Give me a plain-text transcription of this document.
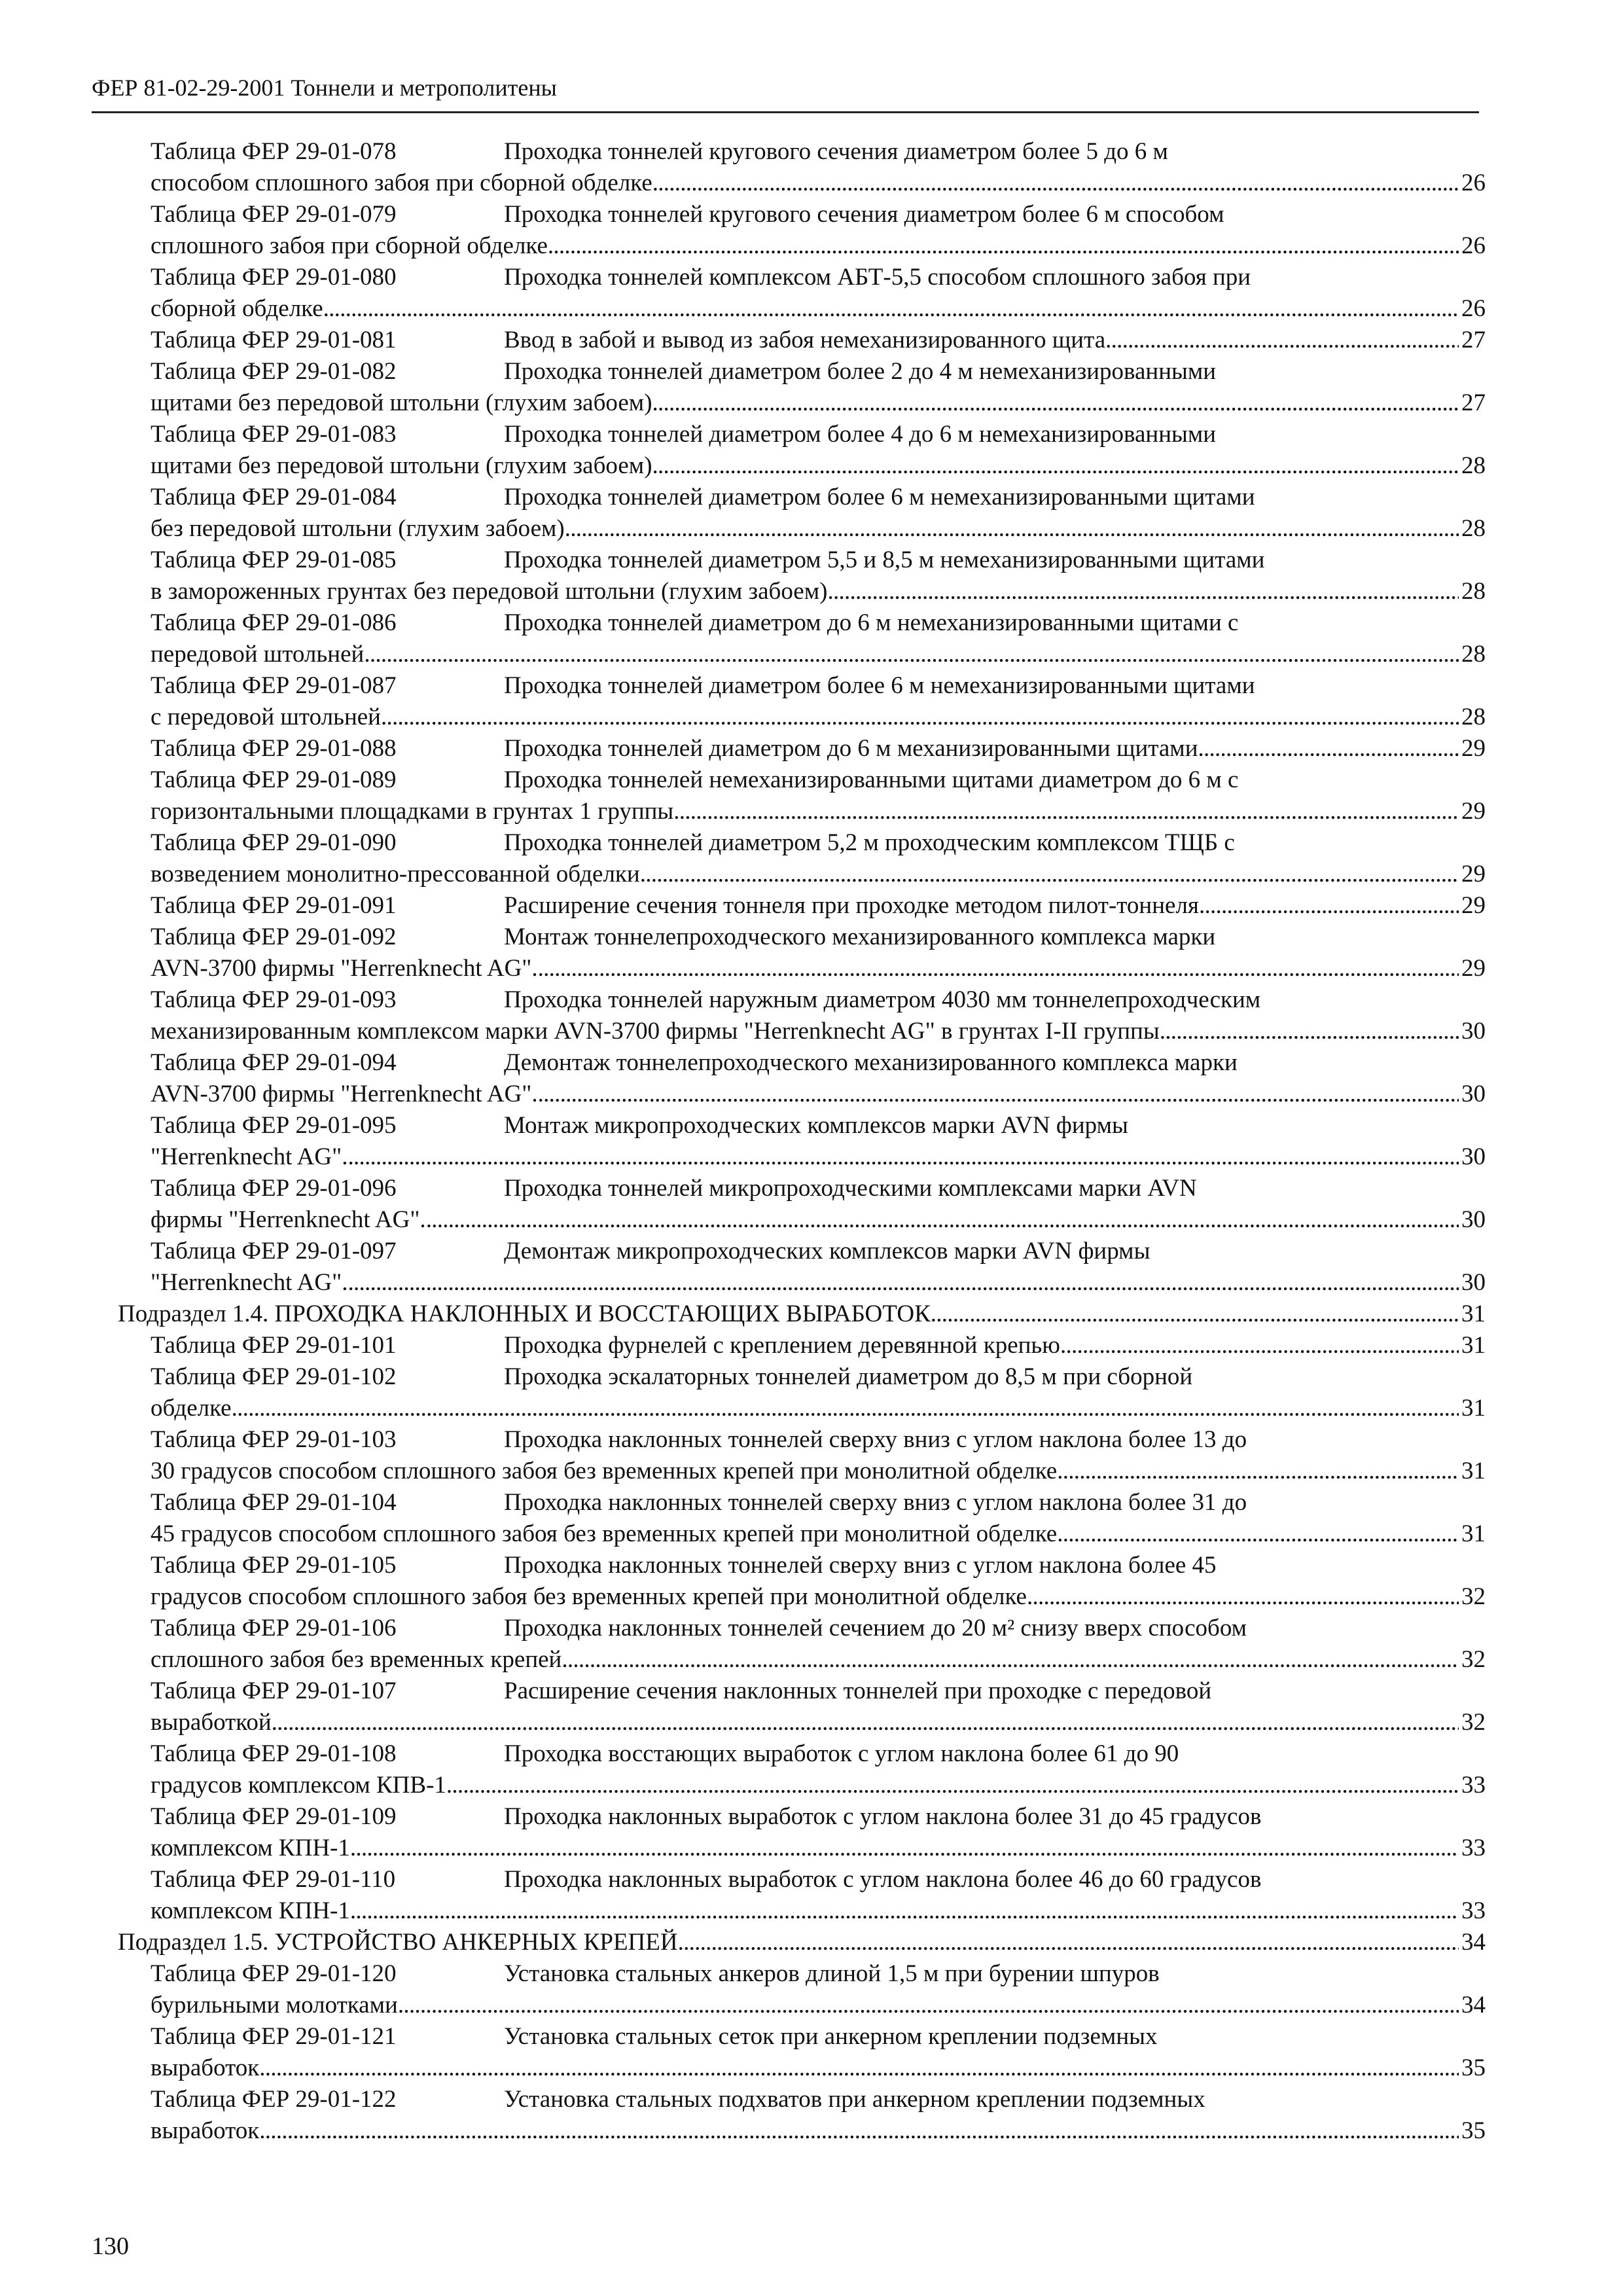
ФЕР 81-02-29-2001 Тоннели и метрополитены
Таблица ФЕР 29-01-078	Проходка тоннелей кругового сечения диаметром более 5 до 6 м
способом сплошного забоя при сборной обделке . . .	26
Таблица ФЕР 29-01-079	Проходка тоннелей кругового сечения диаметром более 6 м способом
сплошного забоя при сборной обделке . . .	26
Таблица ФЕР 29-01-080	Проходка тоннелей комплексом АБТ-5,5 способом сплошного забоя при
сборной обделке . . .	26
Таблица ФЕР 29-01-081	Ввод в забой и вывод из забоя немеханизированного щита . . .	27
Таблица ФЕР 29-01-082	Проходка тоннелей диаметром более 2 до 4 м немеханизированными
щитами без передовой штольни (глухим забоем) . . .	27
Таблица ФЕР 29-01-083	Проходка тоннелей диаметром более 4 до 6 м немеханизированными
щитами без передовой штольни (глухим забоем) . . .	28
Таблица ФЕР 29-01-084	Проходка тоннелей диаметром более 6 м немеханизированными щитами
без передовой штольни (глухим забоем) . . .	28
Таблица ФЕР 29-01-085	Проходка тоннелей диаметром 5,5 и 8,5 м немеханизированными щитами
в замороженных грунтах без передовой штольни (глухим забоем) . . .	28
Таблица ФЕР 29-01-086	Проходка тоннелей диаметром до 6 м немеханизированными щитами с
передовой штольней . . .	28
Таблица ФЕР 29-01-087	Проходка тоннелей диаметром более 6 м немеханизированными щитами
с передовой штольней . . .	28
Таблица ФЕР 29-01-088	Проходка тоннелей диаметром до 6 м механизированными щитами . . .	29
Таблица ФЕР 29-01-089	Проходка тоннелей немеханизированными щитами диаметром до 6 м с
горизонтальными площадками в грунтах 1 группы . . .	29
Таблица ФЕР 29-01-090	Проходка тоннелей диаметром 5,2 м проходческим комплексом ТЩБ с
возведением монолитно-прессованной обделки . . .	29
Таблица ФЕР 29-01-091	Расширение сечения тоннеля при проходке методом пилот-тоннеля . . .	29
Таблица ФЕР 29-01-092	Монтаж тоннелепроходческого механизированного комплекса марки
AVN-3700 фирмы "Herrenknecht AG". . . .	29
Таблица ФЕР 29-01-093	Проходка тоннелей наружным диаметром 4030 мм тоннелепроходческим
механизированным комплексом марки AVN-3700 фирмы "Herrenknecht AG" в грунтах I-II группы . . .	30
Таблица ФЕР 29-01-094	Демонтаж тоннелепроходческого механизированного комплекса марки
AVN-3700 фирмы "Herrenknecht AG". . . .	30
Таблица ФЕР 29-01-095	Монтаж микропроходческих комплексов марки AVN фирмы
"Herrenknecht AG". . . .	30
Таблица ФЕР 29-01-096	Проходка тоннелей микропроходческими комплексами марки AVN
фирмы "Herrenknecht AG". . . .	30
Таблица ФЕР 29-01-097	Демонтаж микропроходческих комплексов марки AVN фирмы
"Herrenknecht AG". . . .	30
Подраздел 1.4. ПРОХОДКА НАКЛОННЫХ И ВОССТАЮЩИХ ВЫРАБОТОК . . .	31
Таблица ФЕР 29-01-101	Проходка фурнелей с креплением деревянной крепью . . .	31
Таблица ФЕР 29-01-102	Проходка эскалаторных тоннелей диаметром до 8,5 м при сборной
обделке . . .	31
Таблица ФЕР 29-01-103	Проходка наклонных тоннелей сверху вниз с углом наклона более 13 до
30 градусов способом сплошного забоя без временных крепей при монолитной обделке . . .	31
Таблица ФЕР 29-01-104	Проходка наклонных тоннелей сверху вниз с углом наклона более 31 до
45 градусов способом сплошного забоя без временных крепей при монолитной обделке . . .	31
Таблица ФЕР 29-01-105	Проходка наклонных тоннелей сверху вниз с углом наклона более 45
градусов способом сплошного забоя без временных крепей при монолитной обделке . . .	32
Таблица ФЕР 29-01-106	Проходка наклонных тоннелей сечением до 20 м² снизу вверх способом
сплошного забоя без временных крепей . . .	32
Таблица ФЕР 29-01-107	Расширение сечения наклонных тоннелей при проходке с передовой
выработкой . . .	32
Таблица ФЕР 29-01-108	Проходка восстающих выработок с углом наклона более 61 до 90
градусов комплексом КПВ-1 . . .	33
Таблица ФЕР 29-01-109	Проходка наклонных выработок с углом наклона более 31 до 45 градусов
комплексом КПН-1 . . .	33
Таблица ФЕР 29-01-110	Проходка наклонных выработок с углом наклона более 46 до 60 градусов
комплексом КПН-1 . . .	33
Подраздел 1.5. УСТРОЙСТВО АНКЕРНЫХ КРЕПЕЙ . . .	34
Таблица ФЕР 29-01-120	Установка стальных анкеров длиной 1,5 м при бурении шпуров
бурильными молотками . . .	34
Таблица ФЕР 29-01-121	Установка стальных сеток при анкерном креплении подземных
выработок . . .	35
Таблица ФЕР 29-01-122	Установка стальных подхватов при анкерном креплении подземных
выработок . . .	35
130
